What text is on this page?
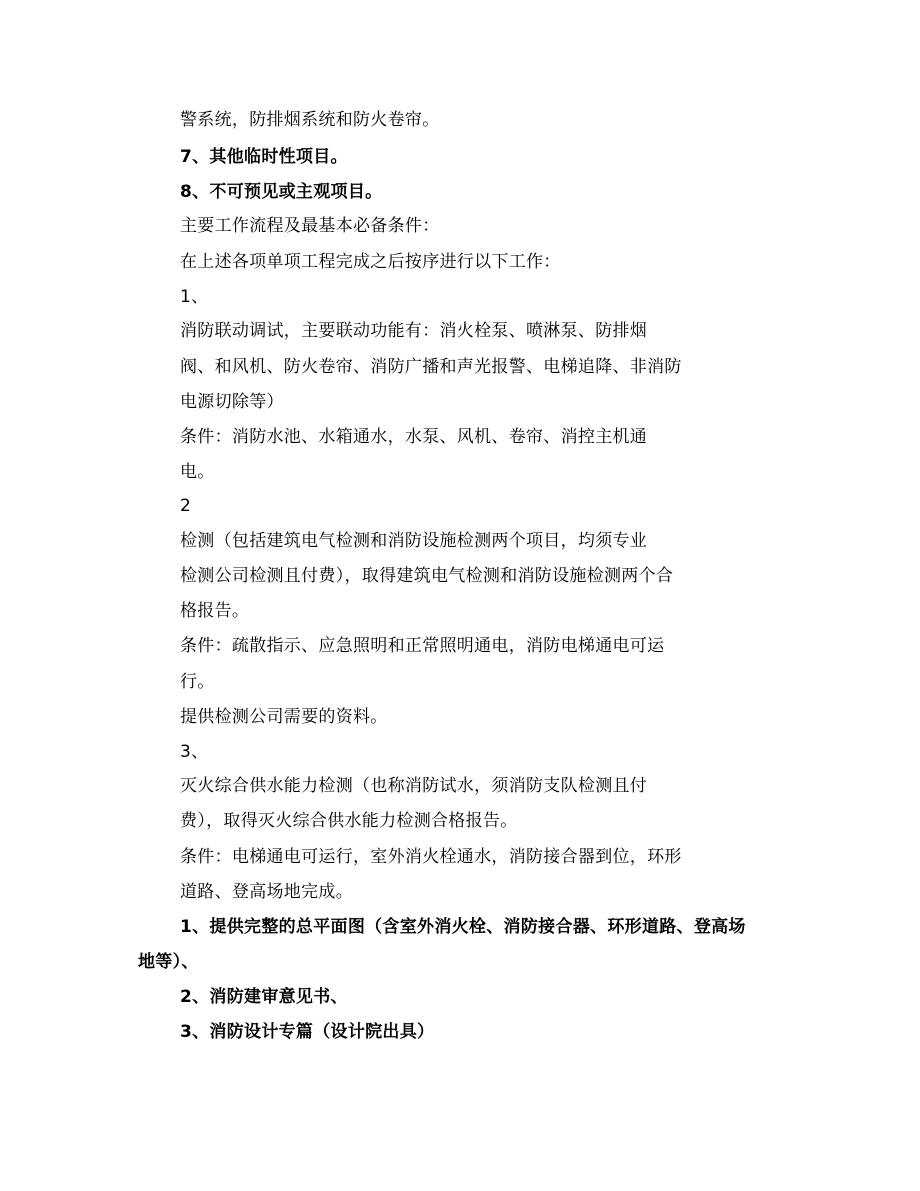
警系统，防排烟系统和防火卷帘。
7、其他临时性项目。
8、不可预见或主观项目。
主要工作流程及最基本必备条件：
在上述各项单项工程完成之后按序进行以下工作：
1、
消防联动调试，主要联动功能有：消火栓泵、喷淋泵、防排烟
阀、和风机、防火卷帘、消防广播和声光报警、电梯追降、非消防
电源切除等）
条件：消防水池、水箱通水，水泵、风机、卷帘、消控主机通
电。
2
检测（包括建筑电气检测和消防设施检测两个项目，均须专业
检测公司检测且付费），取得建筑电气检测和消防设施检测两个合
格报告。
条件：疏散指示、应急照明和正常照明通电，消防电梯通电可运
行。
提供检测公司需要的资料。
3、
灭火综合供水能力检测（也称消防试水，须消防支队检测且付
费），取得灭火综合供水能力检测合格报告。
条件：电梯通电可运行，室外消火栓通水，消防接合器到位，环形
道路、登高场地完成。
1、提供完整的总平面图（含室外消火栓、消防接合器、环形道路、登高场
地等）、
2、消防建审意见书、
3、消防设计专篇（设计院出具）
